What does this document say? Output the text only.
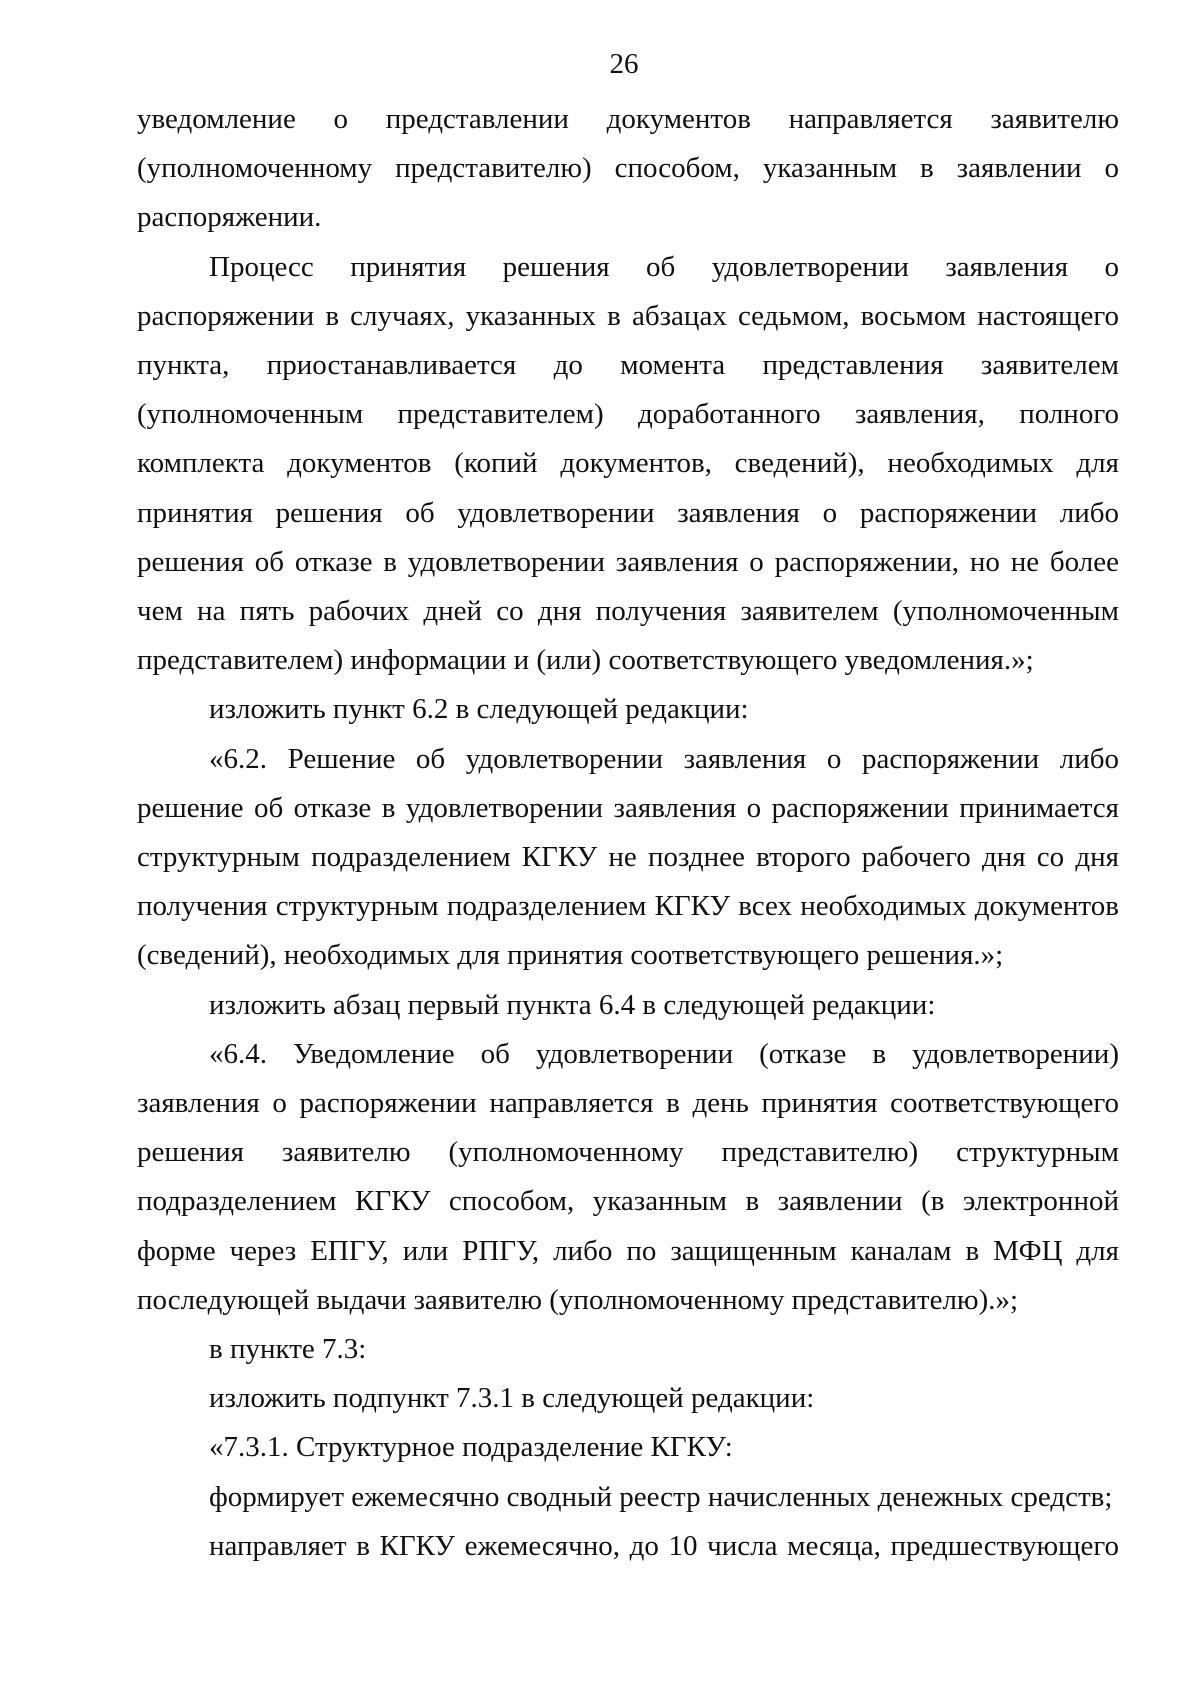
26

уведомление о представлении документов направляется заявителю (уполномоченному представителю) способом, указанным в заявлении о распоряжении.

Процесс принятия решения об удовлетворении заявления о распоряжении в случаях, указанных в абзацах седьмом, восьмом настоящего пункта, приостанавливается до момента представления заявителем (уполномоченным представителем) доработанного заявления, полного комплекта документов (копий документов, сведений), необходимых для принятия решения об удовлетворении заявления о распоряжении либо решения об отказе в удовлетворении заявления о распоряжении, но не более чем на пять рабочих дней со дня получения заявителем (уполномоченным представителем) информации и (или) соответствующего уведомления.»;

изложить пункт 6.2 в следующей редакции:

«6.2. Решение об удовлетворении заявления о распоряжении либо решение об отказе в удовлетворении заявления о распоряжении принимается структурным подразделением КГКУ не позднее второго рабочего дня со дня получения структурным подразделением КГКУ всех необходимых документов (сведений), необходимых для принятия соответствующего решения.»;

изложить абзац первый пункта 6.4 в следующей редакции:

«6.4. Уведомление об удовлетворении (отказе в удовлетворении) заявления о распоряжении направляется в день принятия соответствующего решения заявителю (уполномоченному представителю) структурным подразделением КГКУ способом, указанным в заявлении (в электронной форме через ЕПГУ, или РПГУ, либо по защищенным каналам в МФЦ для последующей выдачи заявителю (уполномоченному представителю).»;

в пункте 7.3:

изложить подпункт 7.3.1 в следующей редакции:

«7.3.1. Структурное подразделение КГКУ:

формирует ежемесячно сводный реестр начисленных денежных средств;

направляет в КГКУ ежемесячно, до 10 числа месяца, предшествующего
